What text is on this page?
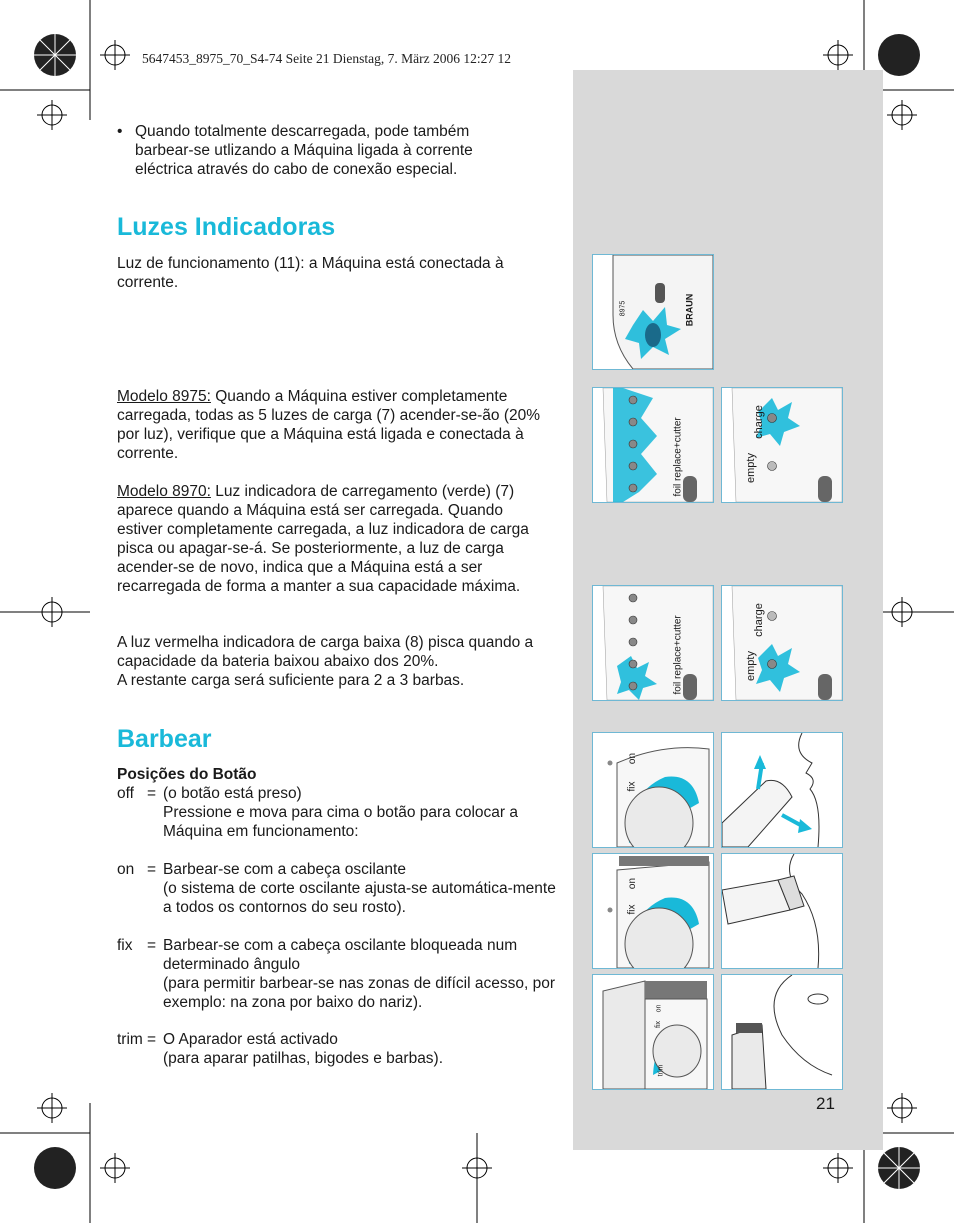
5647453_8975_70_S4-74 Seite 21 Dienstag, 7. März 2006 12:27 12
• Quando totalmente descarregada, pode também barbear-se utlizando a Máquina ligada à corrente eléctrica através do cabo de conexão especial.
Luzes Indicadoras
Luz de funcionamento (11): a Máquina está conectada à corrente.
Modelo 8975: Quando a Máquina estiver completamente carregada, todas as 5 luzes de carga (7) acender-se-ão (20% por luz), verifique que a Máquina está ligada e conectada à corrente.
Modelo 8970: Luz indicadora de carregamento (verde) (7) aparece quando a Máquina está ser carregada. Quando estiver completamente carregada, a luz indicadora de carga pisca ou apagar-se-á. Se posteriormente, a luz de carga acender-se de novo, indica que a Máquina está a ser recarregada de forma a manter a sua capacidade máxima.
A luz vermelha indicadora de carga baixa (8) pisca quando a capacidade da bateria baixou abaixo dos 20%.
A restante carga será suficiente para 2 a 3 barbas.
Barbear
Posições do Botão
off = (o botão está preso)
Pressione e mova para cima o botão para colocar a Máquina em funcionamento:
on = Barbear-se com a cabeça oscilante
(o sistema de corte oscilante ajusta-se automática-mente a todos os contornos do seu rosto).
fix = Barbear-se com a cabeça oscilante bloqueada num determinado ângulo
(para permitir barbear-se nas zonas de difícil acesso, por exemplo: na zona por baixo do nariz).
trim = O Aparador está activado
(para aparar patilhas, bigodes e barbas).
8975	BRAUN
foil replace+cutter	empty
charge
foil replace+cutter	empty
charge
fix
on
fix
on
fix
on
trim
21
